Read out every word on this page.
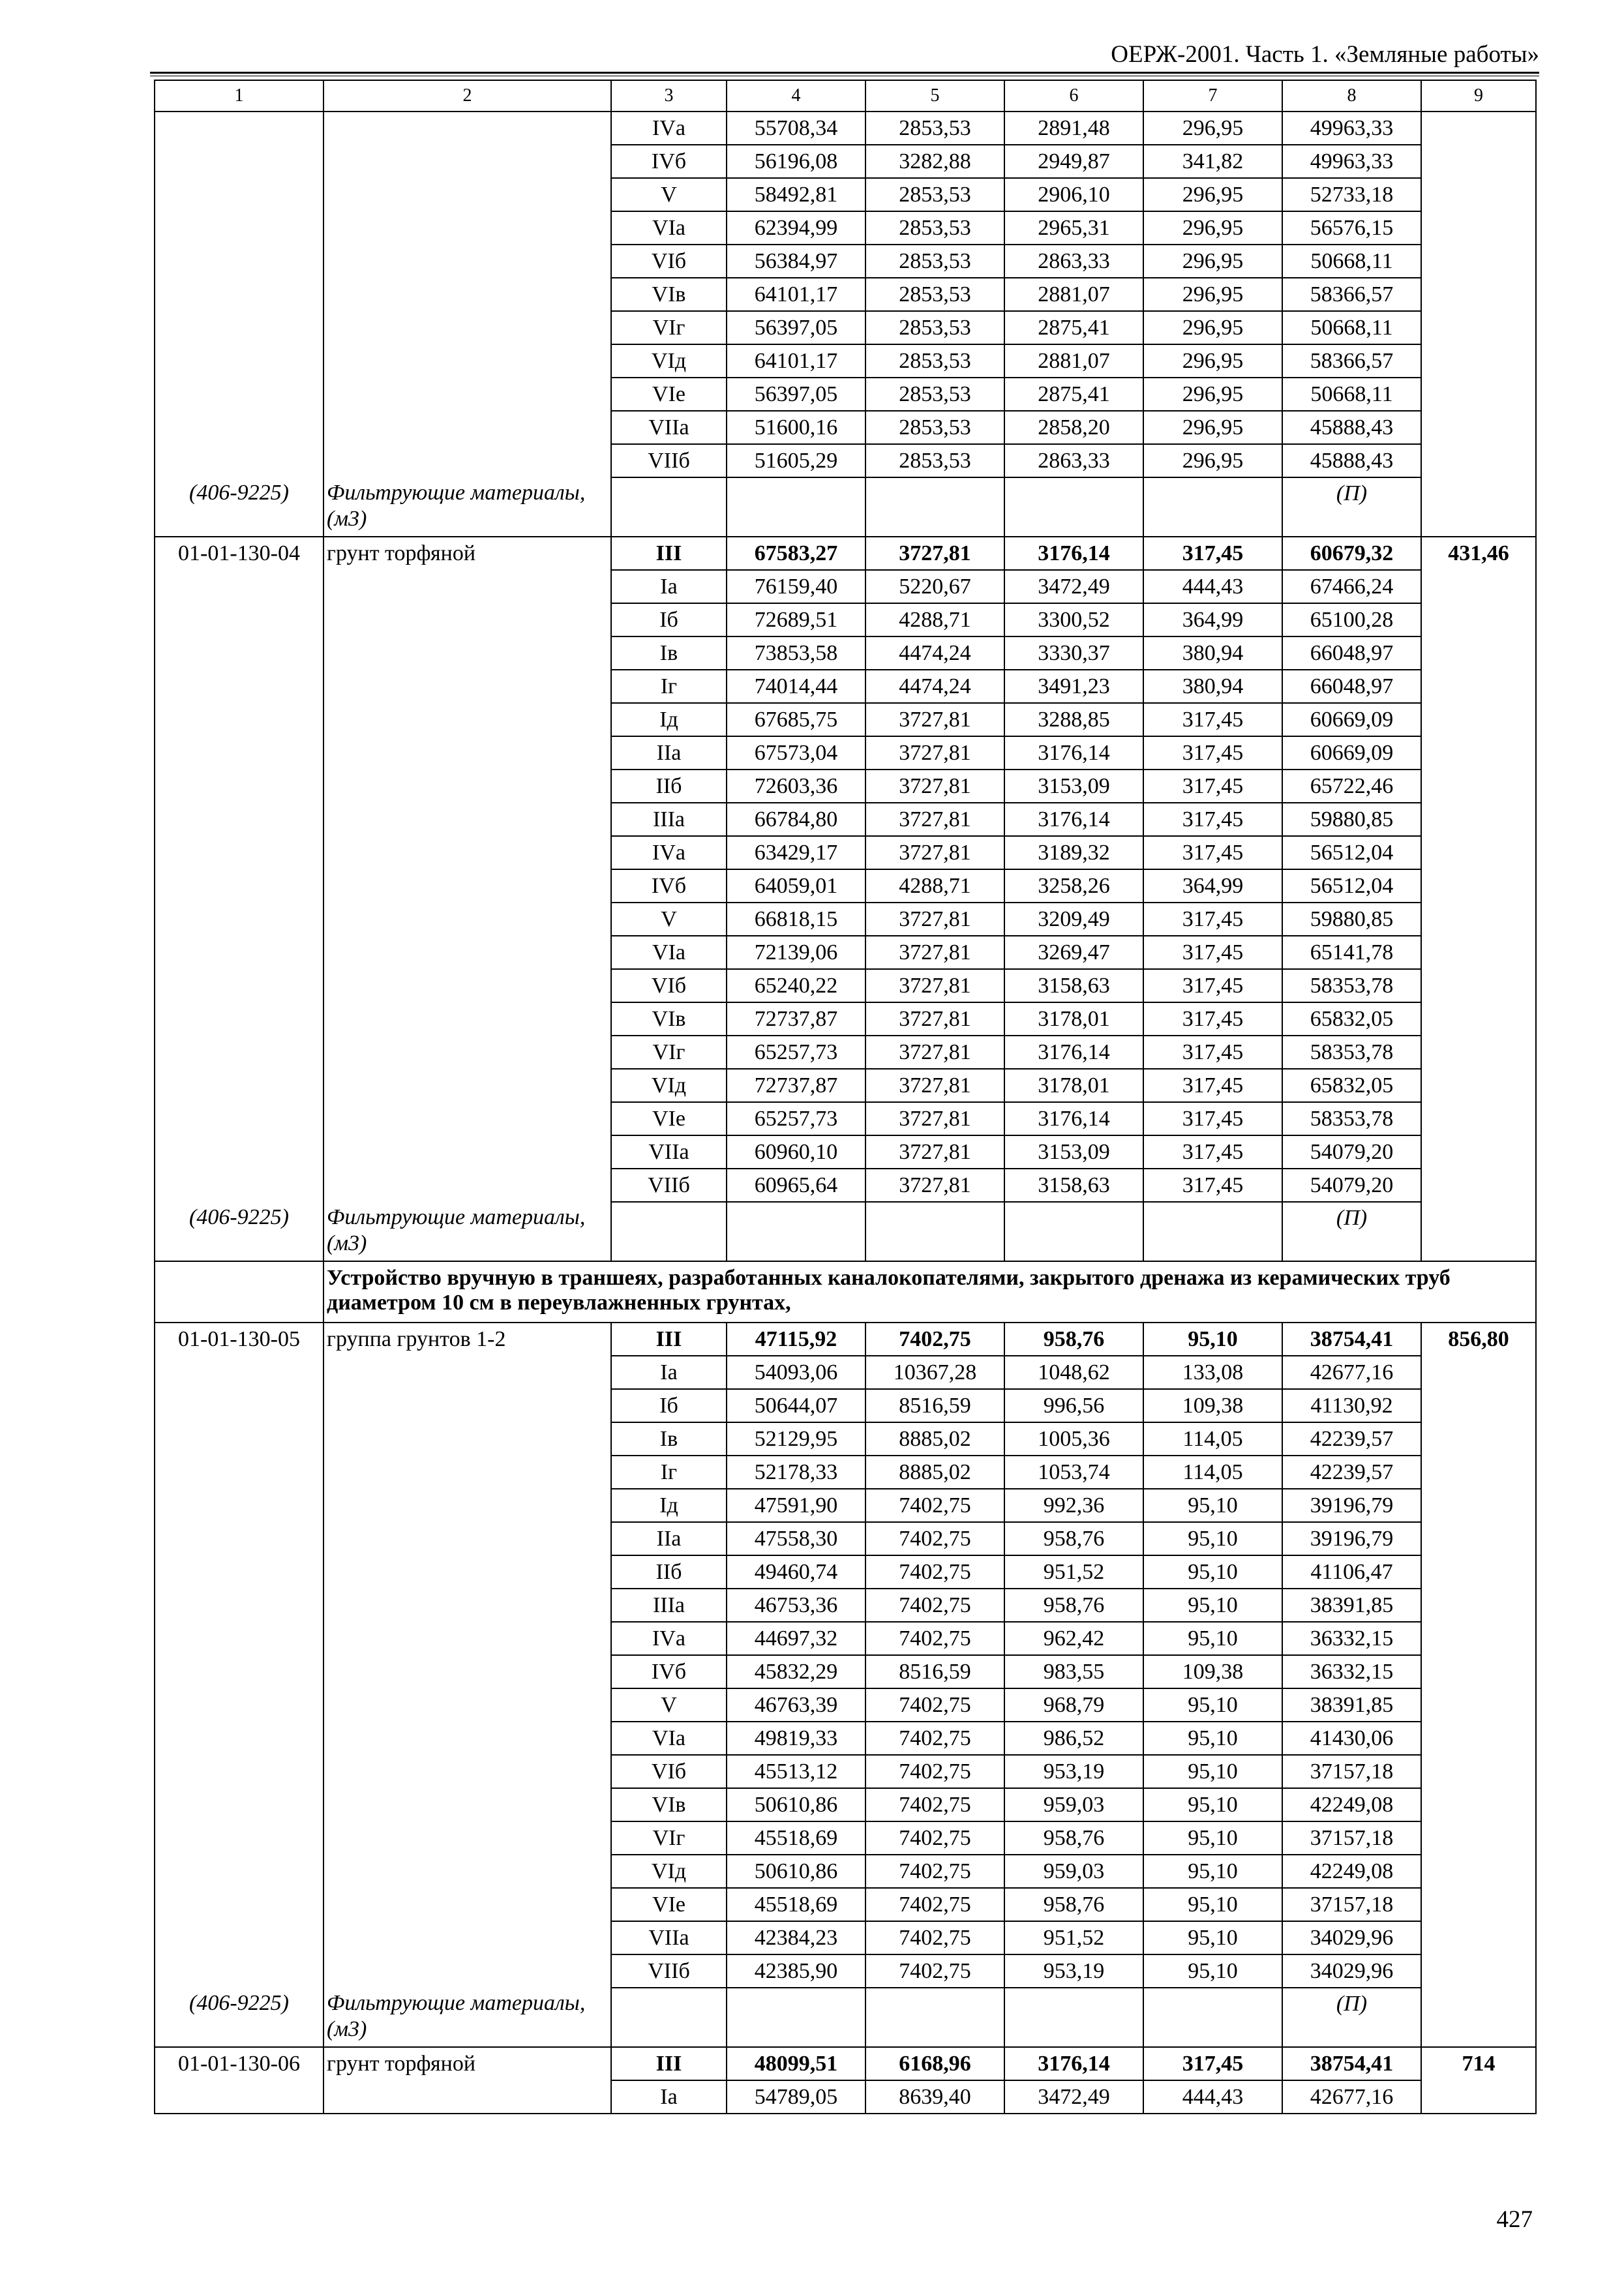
ОЕРЖ-2001. Часть 1. «Земляные работы»
1	2	3	4	5	6	7	8	9
		IVа	55708,34	2853,53	2891,48	296,95	49963,33	
		IVб	56196,08	3282,88	2949,87	341,82	49963,33	
		V	58492,81	2853,53	2906,10	296,95	52733,18	
		VIа	62394,99	2853,53	2965,31	296,95	56576,15	
		VIб	56384,97	2853,53	2863,33	296,95	50668,11	
		VIв	64101,17	2853,53	2881,07	296,95	58366,57	
		VIг	56397,05	2853,53	2875,41	296,95	50668,11	
		VIд	64101,17	2853,53	2881,07	296,95	58366,57	
		VIе	56397,05	2853,53	2875,41	296,95	50668,11	
		VIIа	51600,16	2853,53	2858,20	296,95	45888,43	
		VIIб	51605,29	2853,53	2863,33	296,95	45888,43	
(406-9225)	Фильтрующие материалы, (м3)						(П)	
01-01-130-04	грунт торфяной	III	67583,27	3727,81	3176,14	317,45	60679,32	431,46
		Iа	76159,40	5220,67	3472,49	444,43	67466,24	
		Iб	72689,51	4288,71	3300,52	364,99	65100,28	
		Iв	73853,58	4474,24	3330,37	380,94	66048,97	
		Iг	74014,44	4474,24	3491,23	380,94	66048,97	
		Iд	67685,75	3727,81	3288,85	317,45	60669,09	
		IIа	67573,04	3727,81	3176,14	317,45	60669,09	
		IIб	72603,36	3727,81	3153,09	317,45	65722,46	
		IIIа	66784,80	3727,81	3176,14	317,45	59880,85	
		IVа	63429,17	3727,81	3189,32	317,45	56512,04	
		IVб	64059,01	4288,71	3258,26	364,99	56512,04	
		V	66818,15	3727,81	3209,49	317,45	59880,85	
		VIа	72139,06	3727,81	3269,47	317,45	65141,78	
		VIб	65240,22	3727,81	3158,63	317,45	58353,78	
		VIв	72737,87	3727,81	3178,01	317,45	65832,05	
		VIг	65257,73	3727,81	3176,14	317,45	58353,78	
		VIд	72737,87	3727,81	3178,01	317,45	65832,05	
		VIе	65257,73	3727,81	3176,14	317,45	58353,78	
		VIIа	60960,10	3727,81	3153,09	317,45	54079,20	
		VIIб	60965,64	3727,81	3158,63	317,45	54079,20	
(406-9225)	Фильтрующие материалы, (м3)						(П)	
	Устройство вручную в траншеях, разработанных каналокопателями, закрытого дренажа из керамических труб диаметром 10 см в переувлажненных грунтах,							
01-01-130-05	группа грунтов 1-2	III	47115,92	7402,75	958,76	95,10	38754,41	856,80
		Iа	54093,06	10367,28	1048,62	133,08	42677,16	
		Iб	50644,07	8516,59	996,56	109,38	41130,92	
		Iв	52129,95	8885,02	1005,36	114,05	42239,57	
		Iг	52178,33	8885,02	1053,74	114,05	42239,57	
		Iд	47591,90	7402,75	992,36	95,10	39196,79	
		IIа	47558,30	7402,75	958,76	95,10	39196,79	
		IIб	49460,74	7402,75	951,52	95,10	41106,47	
		IIIа	46753,36	7402,75	958,76	95,10	38391,85	
		IVа	44697,32	7402,75	962,42	95,10	36332,15	
		IVб	45832,29	8516,59	983,55	109,38	36332,15	
		V	46763,39	7402,75	968,79	95,10	38391,85	
		VIа	49819,33	7402,75	986,52	95,10	41430,06	
		VIб	45513,12	7402,75	953,19	95,10	37157,18	
		VIв	50610,86	7402,75	959,03	95,10	42249,08	
		VIг	45518,69	7402,75	958,76	95,10	37157,18	
		VIд	50610,86	7402,75	959,03	95,10	42249,08	
		VIе	45518,69	7402,75	958,76	95,10	37157,18	
		VIIа	42384,23	7402,75	951,52	95,10	34029,96	
		VIIб	42385,90	7402,75	953,19	95,10	34029,96	
(406-9225)	Фильтрующие материалы, (м3)						(П)	
01-01-130-06	грунт торфяной	III	48099,51	6168,96	3176,14	317,45	38754,41	714
		Iа	54789,05	8639,40	3472,49	444,43	42677,16	
427
